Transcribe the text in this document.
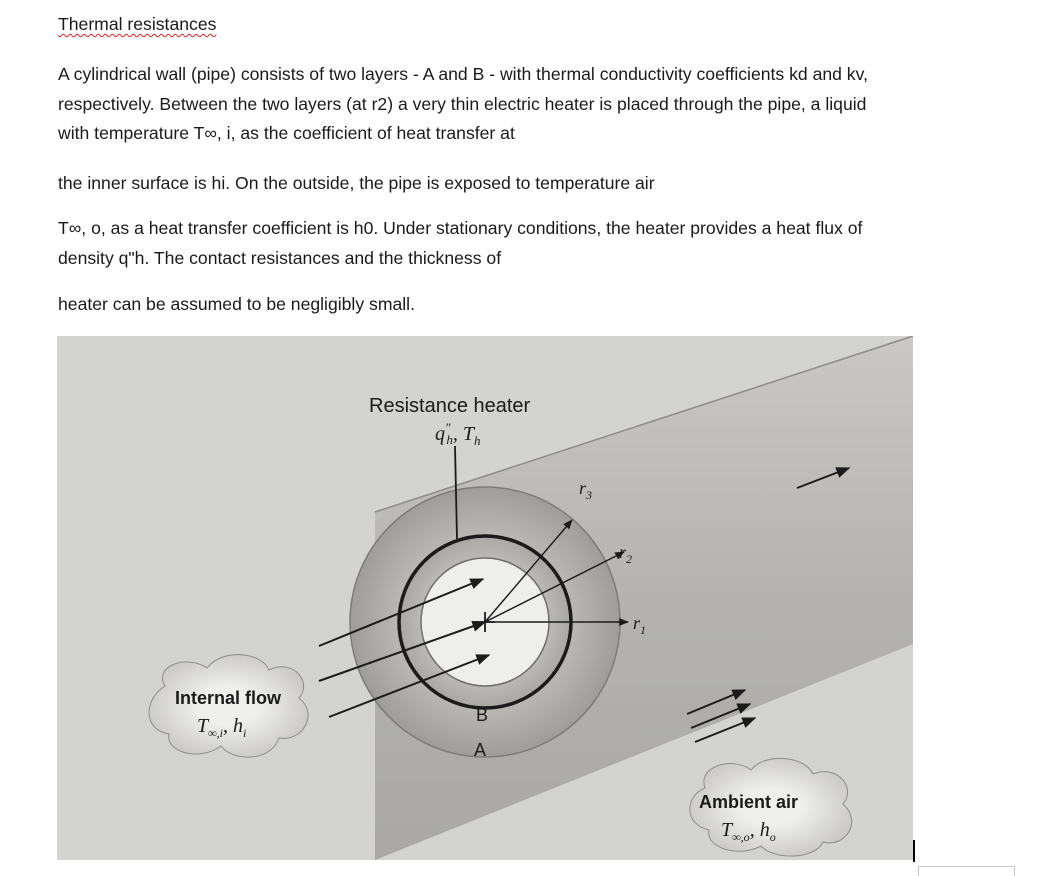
Thermal resistances
A cylindrical wall (pipe) consists of two layers - A and B - with thermal conductivity coefficients kd and kv,
respectively. Between the two layers (at r2) a very thin electric heater is placed through the pipe, a liquid
with temperature T∞, i, as the coefficient of heat transfer at
the inner surface is hi. On the outside, the pipe is exposed to temperature air
T∞, o, as a heat transfer coefficient is h0. Under stationary conditions, the heater provides a heat flux of
density q"h. The contact resistances and the thickness of
heater can be assumed to be negligibly small.
Resistance heater
q″ h, $T_h$
$r_3$
$r_2$
$r_1$
B
A
Internal flow
$T_{\infty,i}$, $h_i$
Ambient air
$T_{\infty,o}$, $h_o$
